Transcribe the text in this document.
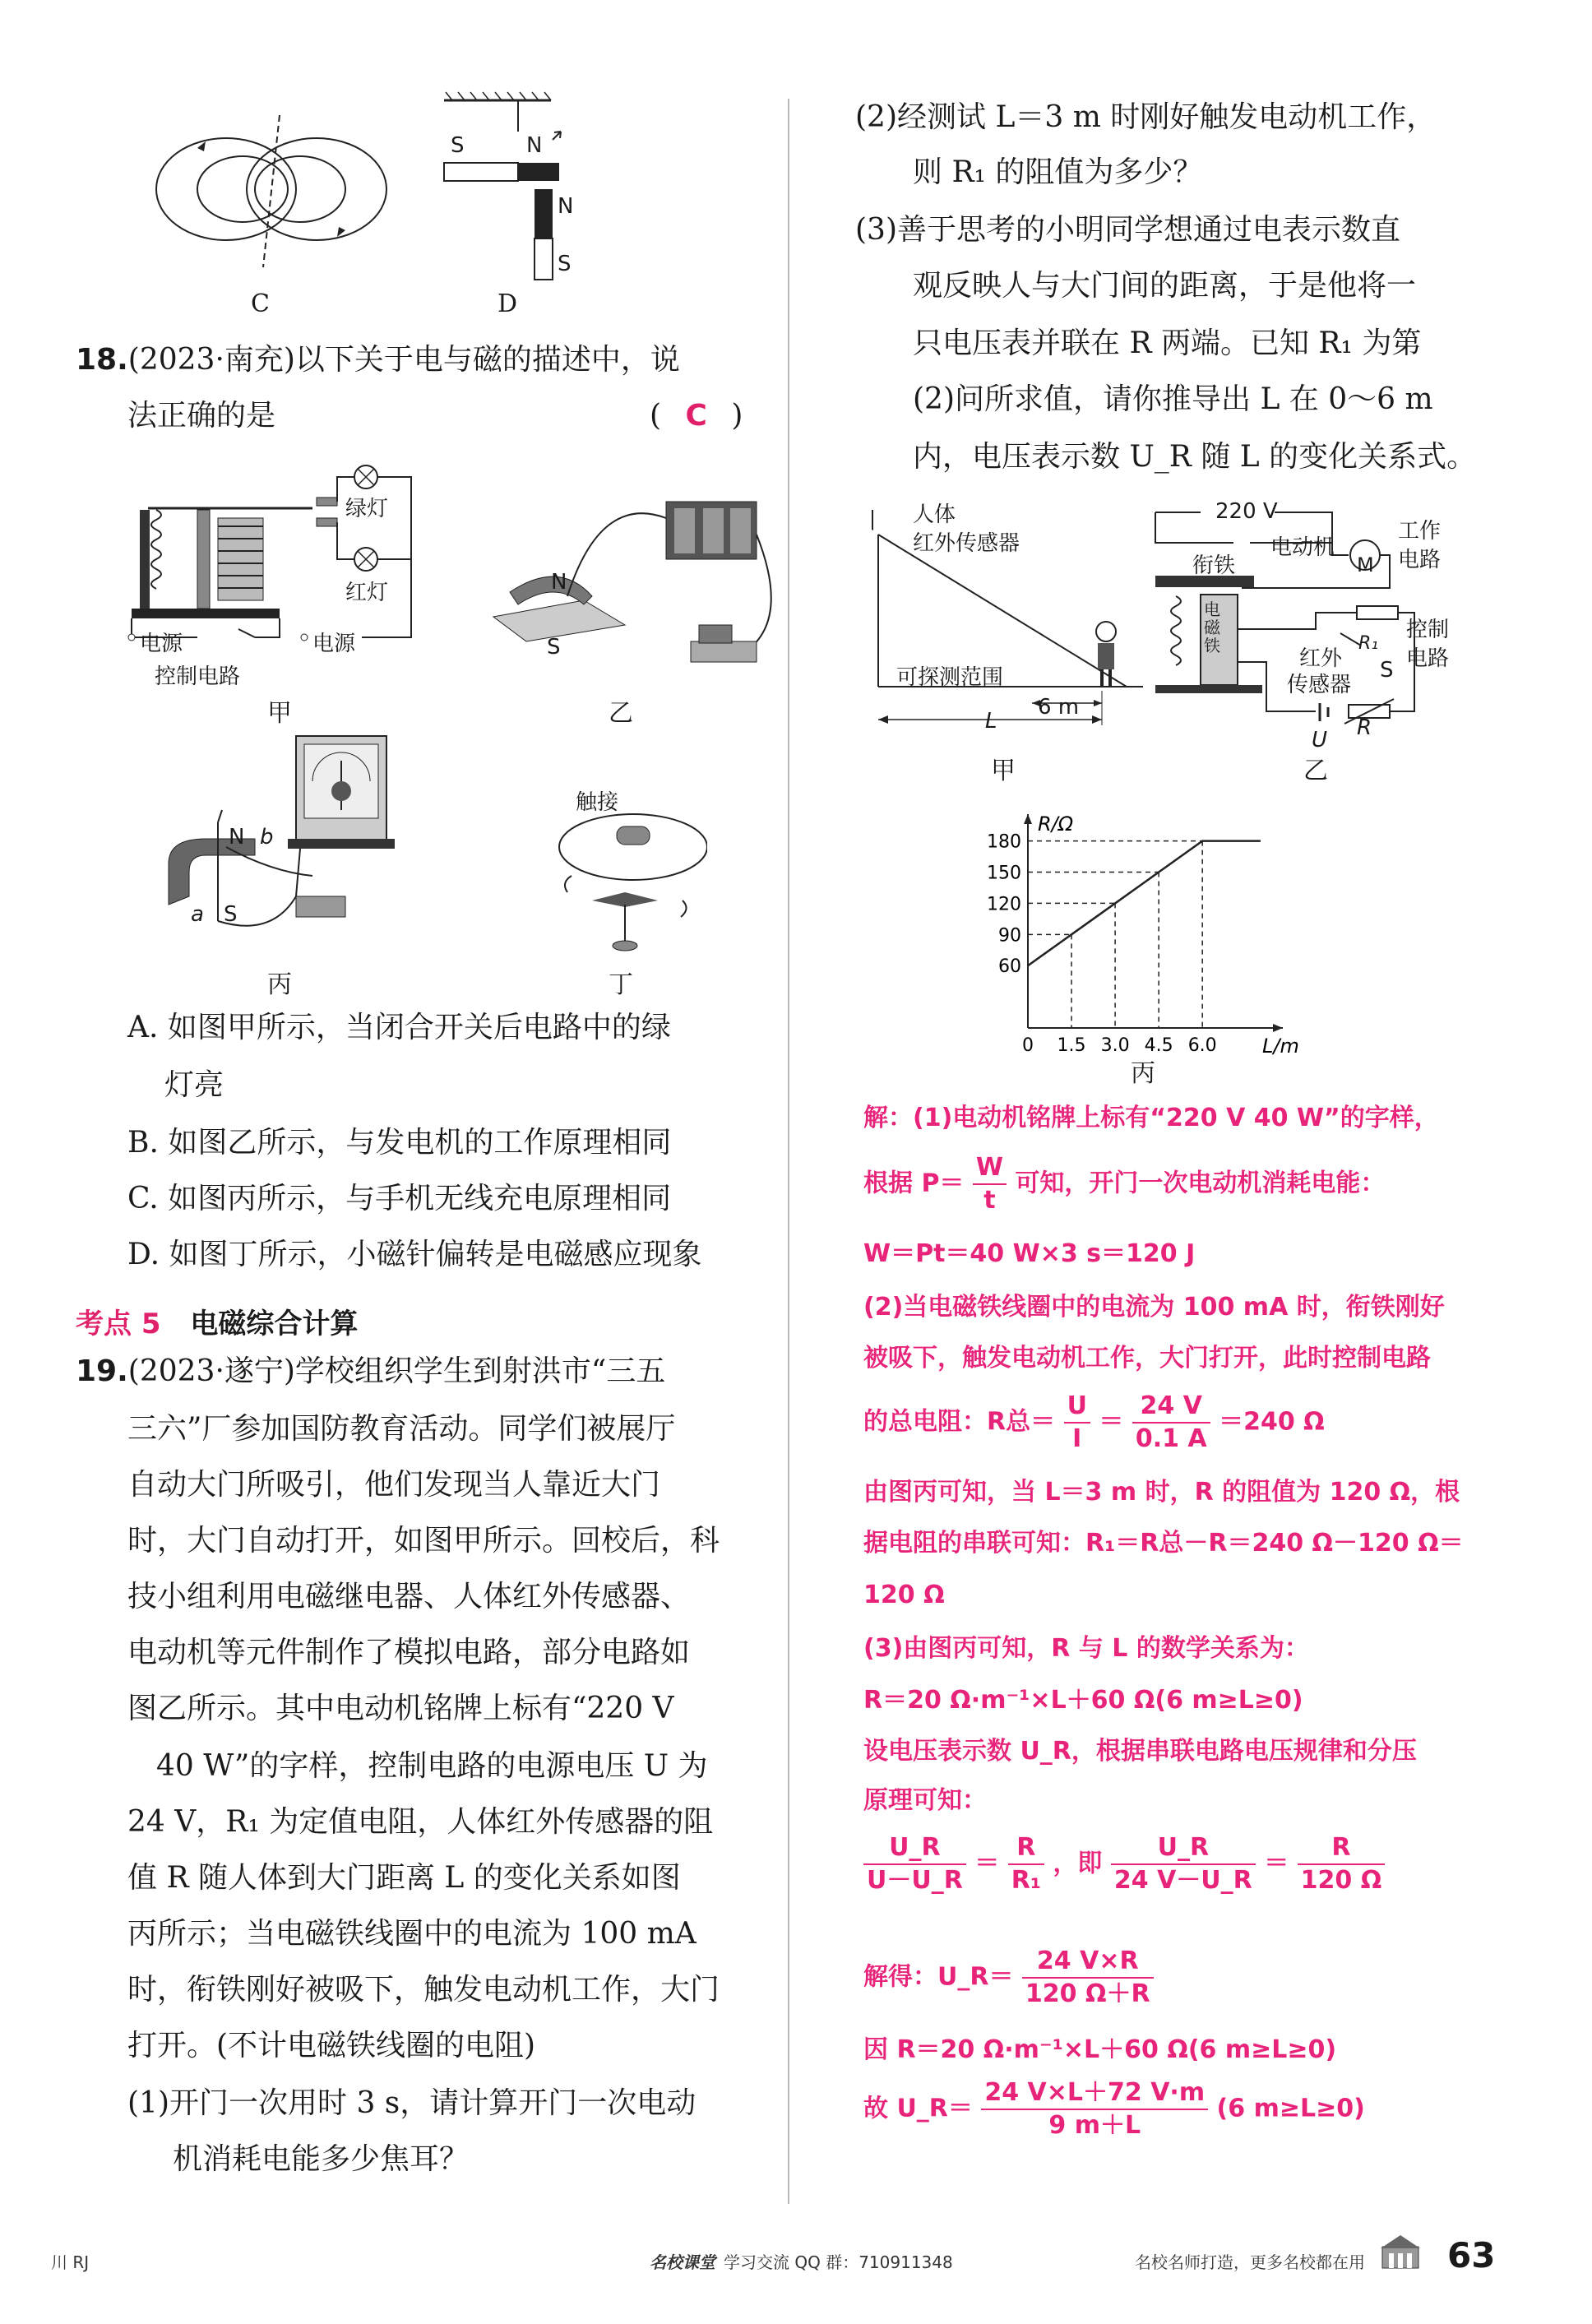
C
S	N
N
S
D
18.(2023·南充)以下关于电与磁的描述中，说
法正确的是	( C )
绿灯
红灯
电源	电源
控制电路
甲
N
S
乙
N b
a S
丙
触接
丁
A. 如图甲所示，当闭合开关后电路中的绿
灯亮
B. 如图乙所示，与发电机的工作原理相同
C. 如图丙所示，与手机无线充电原理相同
D. 如图丁所示，小磁针偏转是电磁感应现象
考点 5 电磁综合计算
19.(2023·遂宁)学校组织学生到射洪市“三五
三六”厂参加国防教育活动。同学们被展厅
自动大门所吸引，他们发现当人靠近大门
时，大门自动打开，如图甲所示。回校后，科
技小组利用电磁继电器、人体红外传感器、
电动机等元件制作了模拟电路，部分电路如
图乙所示。其中电动机铭牌上标有“220 V
40 W”的字样，控制电路的电源电压 U 为
24 V，R₁ 为定值电阻，人体红外传感器的阻
值 R 随人体到大门距离 L 的变化关系如图
丙所示；当电磁铁线圈中的电流为 100 mA
时，衔铁刚好被吸下，触发电动机工作，大门
打开。(不计电磁铁线圈的电阻)
(1)开门一次用时 3 s，请计算开门一次电动
机消耗电能多少焦耳？
(2)经测试 L＝3 m 时刚好触发电动机工作，
则 R₁ 的阻值为多少？
(3)善于思考的小明同学想通过电表示数直
观反映人与大门间的距离，于是他将一
只电压表并联在 R 两端。已知 R₁ 为第
(2)问所求值，请你推导出 L 在 0～6 m
内，电压表示数 U_R 随 L 的变化关系式。
人体
红外传感器
可探测范围
6 m
L
甲
220 V
电动机
M
工作
电路
衔铁
电磁铁	R₁
控制
电路
红外
传感器
S
U R
乙
0 1.5 3.0 4.5 6.0
60
90
120
150
180
R/Ω
L/m
丙
解：(1)电动机铭牌上标有“220 V 40 W”的字样，
根据 $P= \frac{W}{t}$ 可知，开门一次电动机消耗电能：
W＝Pt＝40 W×3 s＝120 J
(2)当电磁铁线圈中的电流为 100 mA 时，衔铁刚好
被吸下，触发电动机工作，大门打开，此时控制电路
的总电阻：R总＝ $\frac{U}{I} = \frac{24 V}{0.1 A} =240$ Ω
由图丙可知，当 L＝3 m 时，R 的阻值为 120 Ω，根
据电阻的串联可知：R₁＝R总－R＝240 Ω－120 Ω＝
120 Ω
(3)由图丙可知，R 与 L 的数学关系为：
R＝20 Ω·m⁻¹×L＋60 Ω(6 m≥L≥0)
设电压表示数 U_R，根据串联电路电压规律和分压
原理可知：
$\frac{U\_R}{U-U\_R} = \frac{R}{\text{R₁}}$ ，即 $\frac{U\_R}{24 V-U\_R} = \frac{R}{120 \Omega}$
解得：U_R＝ $\frac{24 V\times R}{120 \Omega+R}$
因 R＝20 Ω·m⁻¹×L＋60 Ω(6 m≥L≥0)
故 U_R＝ $\frac{24 V\times L+72 V\cdot m}{9 m+L} (6$ m≥L≥0)
川 RJ	名校课堂 学习交流 QQ 群：710911348	名校名师打造，更多名校都在用 63
